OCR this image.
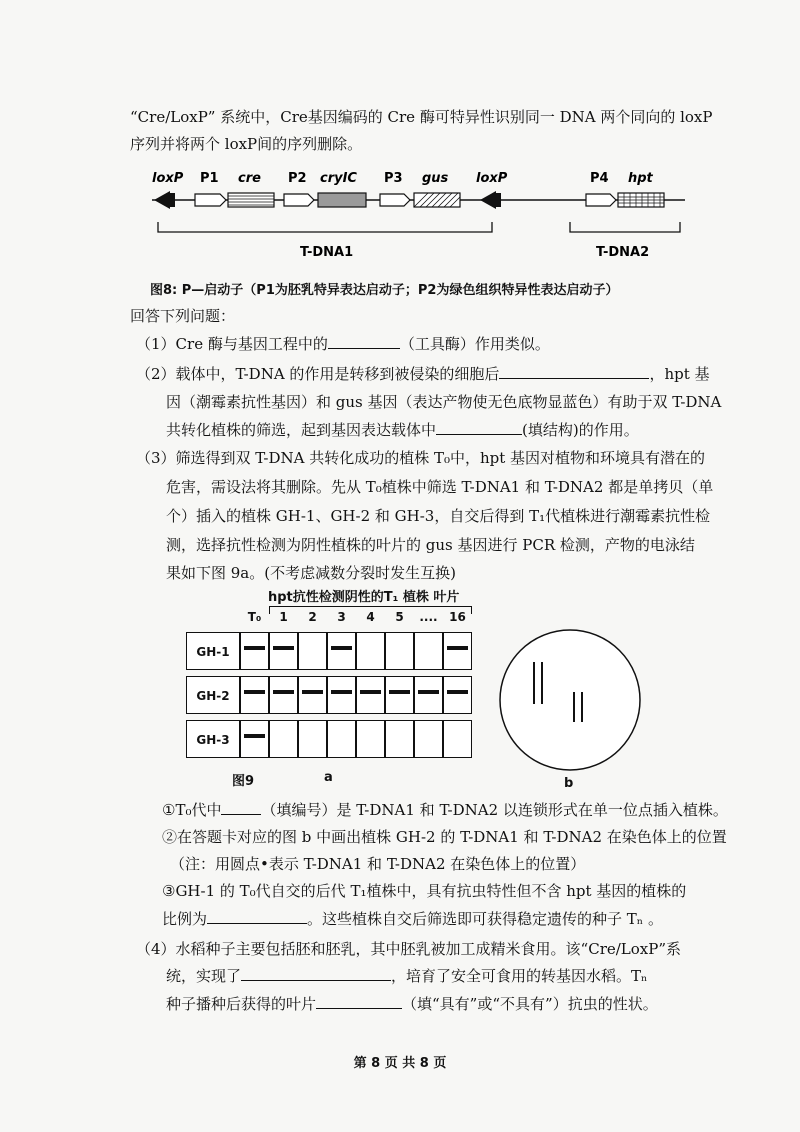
“Cre/LoxP” 系统中，Cre基因编码的 Cre 酶可特异性识别同一 DNA 两个同向的 loxP
序列并将两个 loxP间的序列删除。
loxP P1 cre P2 cryIC P3 gus loxP	P4 hpt
T-DNA1	T-DNA2
图8: P—启动子（P1为胚乳特异表达启动子；P2为绿色组织特异性表达启动子）
回答下列问题：
（1）Cre 酶与基因工程中的	（工具酶）作用类似。
（2）载体中，T-DNA 的作用是转移到被侵染的细胞后	，hpt 基
因（潮霉素抗性基因）和 gus 基因（表达产物使无色底物显蓝色）有助于双 T-DNA
共转化植株的筛选，起到基因表达载体中	(填结构)的作用。
（3）筛选得到双 T-DNA 共转化成功的植株 T₀中，hpt 基因对植物和环境具有潜在的
危害，需设法将其删除。先从 T₀植株中筛选 T-DNA1 和 T-DNA2 都是单拷贝（单
个）插入的植株 GH-1、GH-2 和 GH-3，自交后得到 T₁代植株进行潮霉素抗性检
测，选择抗性检测为阴性植株的叶片的 gus 基因进行 PCR 检测，产物的电泳结
果如下图 9a。(不考虑减数分裂时发生互换)
hpt抗性检测阴性的T₁ 植株 叶片
T₀	1	2	3	4	5	.... 16
GH-1
GH-2
GH-3
图9	a	b
①T₀代中	（填编号）是 T-DNA1 和 T-DNA2 以连锁形式在单一位点插入植株。
②在答题卡对应的图 b 中画出植株 GH-2 的 T-DNA1 和 T-DNA2 在染色体上的位置
（注：用圆点•表示 T-DNA1 和 T-DNA2 在染色体上的位置）
③GH-1 的 T₀代自交的后代 T₁植株中，具有抗虫特性但不含 hpt 基因的植株的
比例为	。这些植株自交后筛选即可获得稳定遗传的种子 Tₙ 。
（4）水稻种子主要包括胚和胚乳，其中胚乳被加工成精米食用。该“Cre/LoxP”系
统，实现了	，培育了安全可食用的转基因水稻。Tₙ
种子播种后获得的叶片	（填“具有”或“不具有”）抗虫的性状。
第 8 页 共 8 页
